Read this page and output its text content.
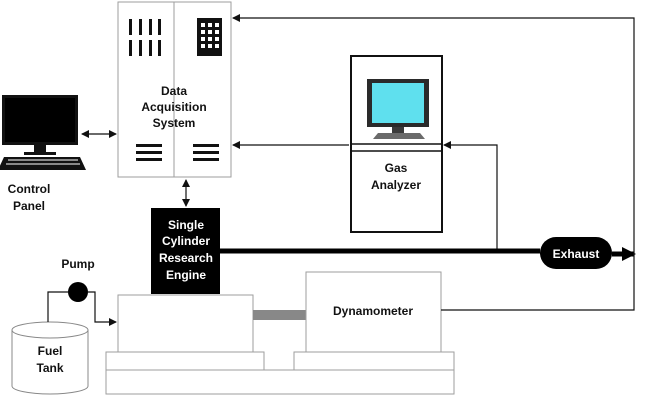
Data
Acquisition
System
Control
Panel
Gas
Analyzer
Single
Cylinder
Research
Engine
Dynamometer
Fuel
Tank
Pump
Exhaust
